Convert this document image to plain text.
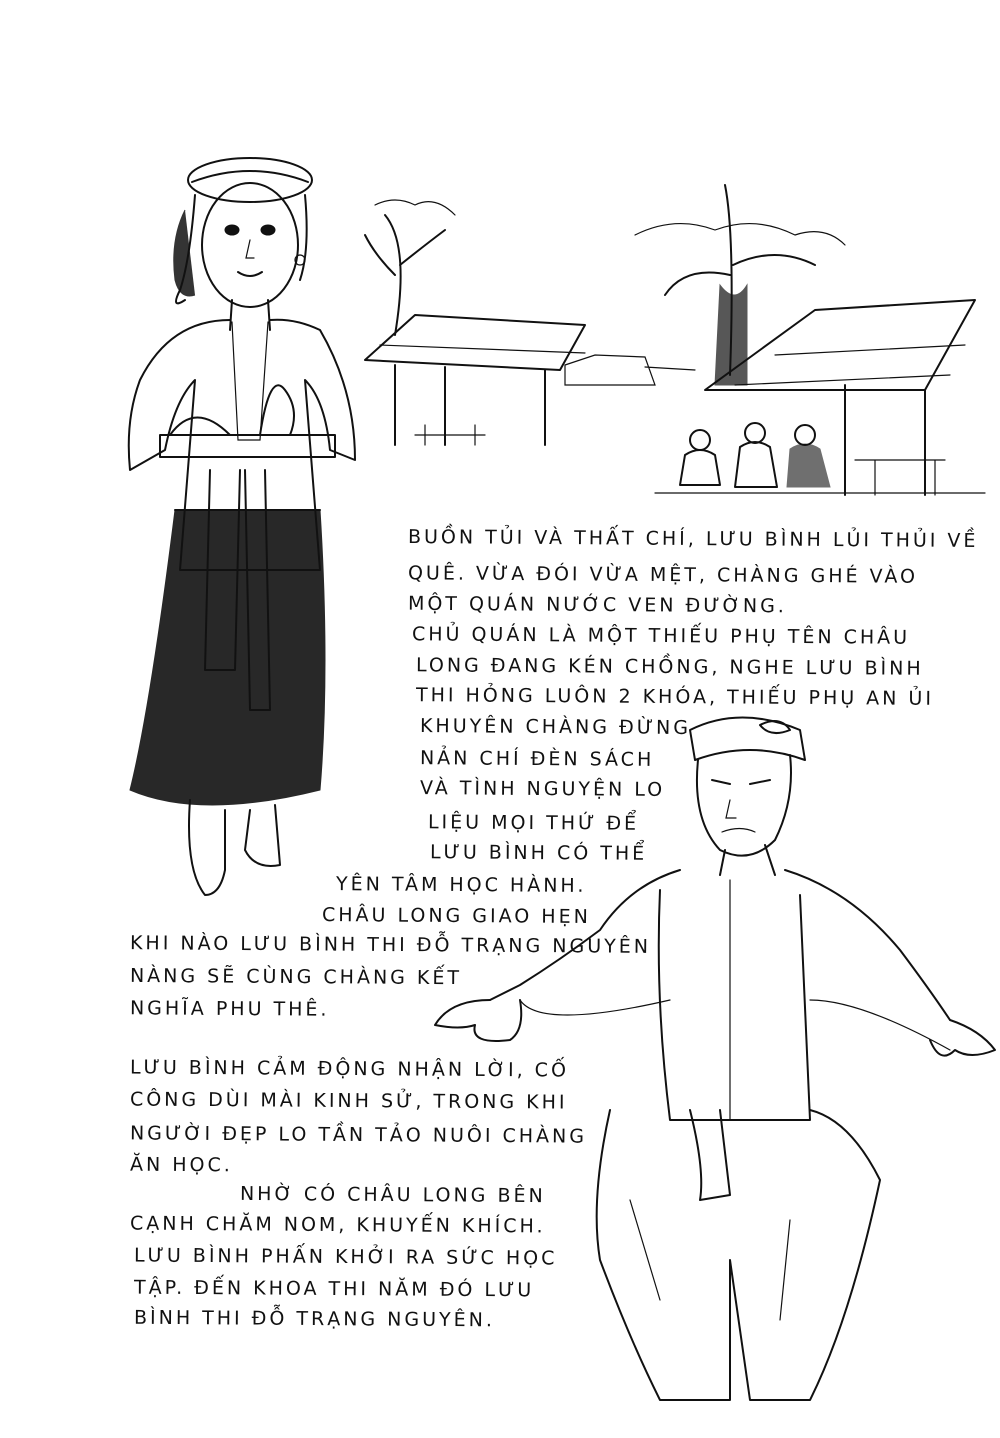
BUỒN TỦI VÀ THẤT CHÍ, LƯU BÌNH LỦI THỦI VỀ
QUÊ. VỪA ĐÓI VỪA MỆT, CHÀNG GHÉ VÀO
MỘT QUÁN NƯỚC VEN ĐƯỜNG.
CHỦ QUÁN LÀ MỘT THIẾU PHỤ TÊN CHÂU
LONG ĐANG KÉN CHỒNG, NGHE LƯU BÌNH
THI HỎNG LUÔN 2 KHÓA, THIẾU PHỤ AN ỦI
KHUYÊN CHÀNG ĐỪNG
NẢN CHÍ ĐÈN SÁCH
VÀ TÌNH NGUYỆN LO
LIỆU MỌI THỨ ĐỂ
LƯU BÌNH CÓ THỂ
YÊN TÂM HỌC HÀNH.
CHÂU LONG GIAO HẸN
KHI NÀO LƯU BÌNH THI ĐỖ TRẠNG NGUYÊN
NÀNG SẼ CÙNG CHÀNG KẾT
NGHĨA PHU THÊ.
LƯU BÌNH CẢM ĐỘNG NHẬN LỜI, CỐ
CÔNG DÙI MÀI KINH SỬ, TRONG KHI
NGƯỜI ĐẸP LO TẦN TẢO NUÔI CHÀNG
ĂN HỌC.
NHỜ CÓ CHÂU LONG BÊN
CẠNH CHĂM NOM, KHUYẾN KHÍCH.
LƯU BÌNH PHẤN KHỞI RA SỨC HỌC
TẬP. ĐẾN KHOA THI NĂM ĐÓ LƯU
BÌNH THI ĐỖ TRẠNG NGUYÊN.
